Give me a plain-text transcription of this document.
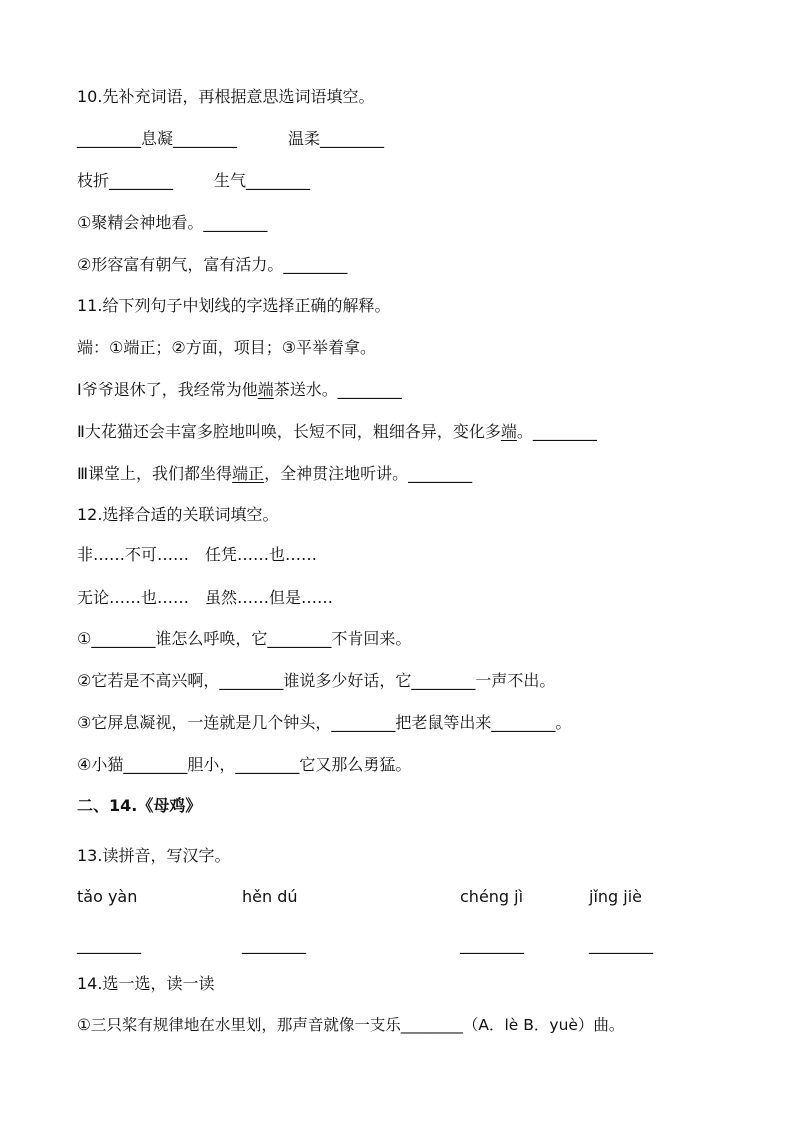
10.先补充词语，再根据意思选词语填空。
________息凝________	温柔________
枝折________	生气________
①聚精会神地看。________
②形容富有朝气，富有活力。________
11.给下列句子中划线的字选择正确的解释。
端：①端正；②方面，项目；③平举着拿。
Ⅰ爷爷退休了，我经常为他端茶送水。________
Ⅱ大花猫还会丰富多腔地叫唤，长短不同，粗细各异，变化多端。________
Ⅲ课堂上，我们都坐得端正，全神贯注地听讲。________
12.选择合适的关联词填空。
非……不可…… 任凭……也……
无论……也…… 虽然……但是……
①________谁怎么呼唤，它________不肯回来。
②它若是不高兴啊，________谁说多少好话，它________一声不出。
③它屏息凝视，一连就是几个钟头，________把老鼠等出来________。
④小猫________胆小，________它又那么勇猛。
二、14.《母鸡》
13.读拼音，写汉字。
tǎo yàn	hěn dú	chéng jì	jǐng jiè
________	________	________	________
14.选一选，读一读
①三只桨有规律地在水里划，那声音就像一支乐________（A．lè B．yuè）曲。
